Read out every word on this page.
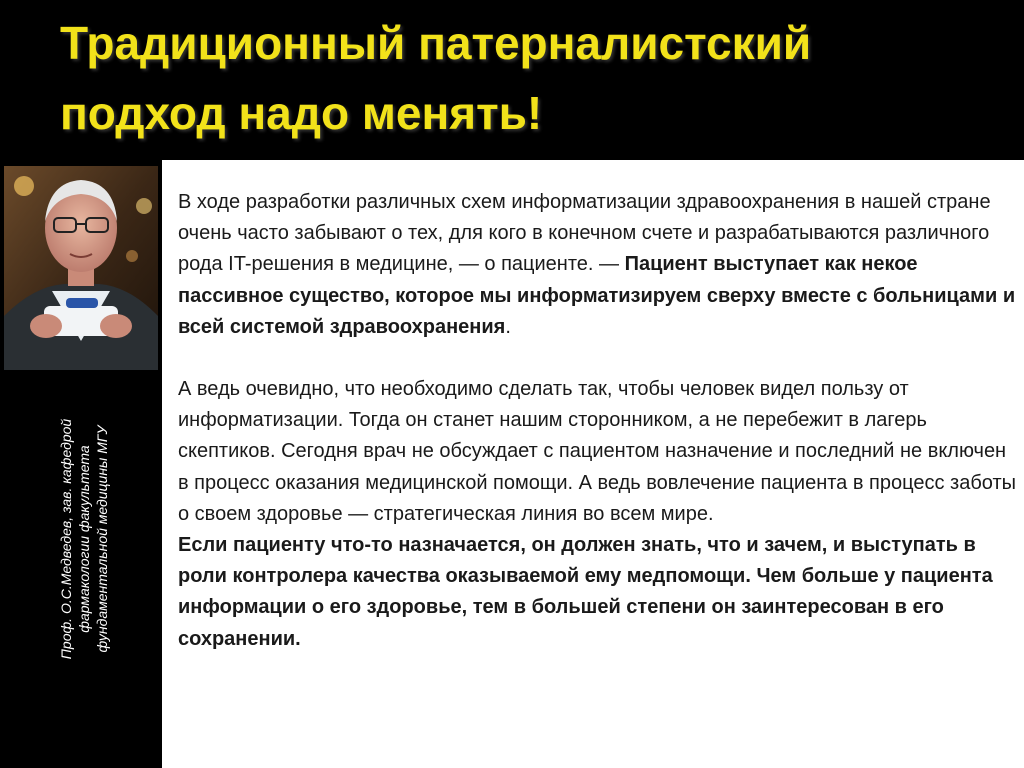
Традиционный патерналистский
подход надо менять!
Проф. О.С.Медведев, зав. кафедрой фармакологии факультета фундаментальной медицины МГУ

В ходе разработки различных схем информатизации здравоохранения в нашей стране очень часто забывают о тех, для кого в конечном счете и разрабатываются различного рода IT-решения в медицине, — о пациенте. — Пациент выступает как некое пассивное существо, которое мы информатизируем сверху вместе с больницами и всей системой здравоохранения.

А ведь очевидно, что необходимо сделать так, чтобы человек видел пользу от информатизации. Тогда он станет нашим сторонником, а не перебежит в лагерь скептиков. Сегодня врач не обсуждает с пациентом назначение и последний не включен в процесс оказания медицинской помощи. А ведь вовлечение пациента в процесс заботы о своем здоровье — стратегическая линия во всем мире.

Если пациенту что-то назначается, он должен знать, что и зачем, и выступать в роли контролера качества оказываемой ему медпомощи. Чем больше у пациента информации о его здоровье, тем в большей степени он заинтересован в его сохранении.
